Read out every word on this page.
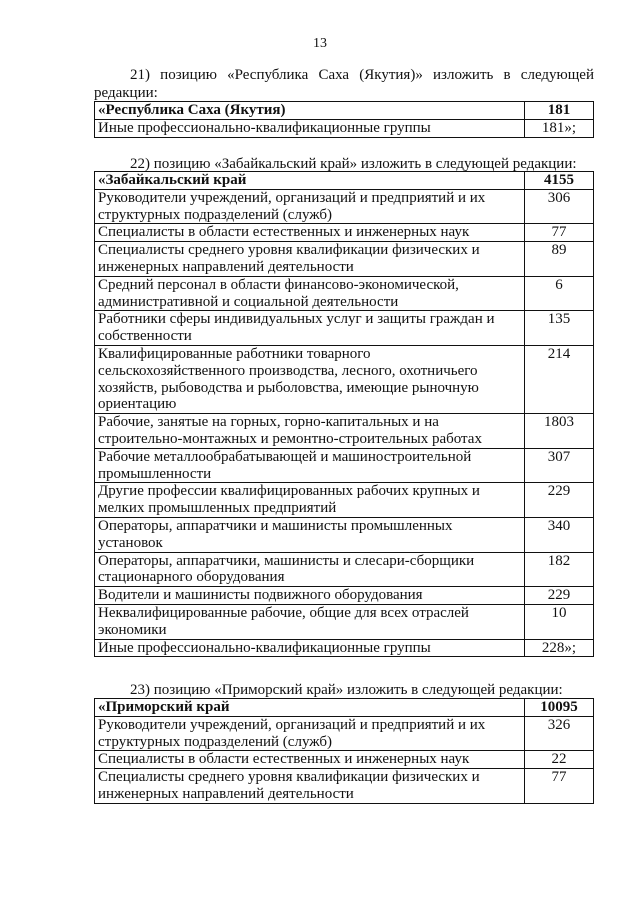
13
21) позицию «Республика Саха (Якутия)» изложить в следующей редакции:
«Республика Саха (Якутия)	181
Иные профессионально-квалификационные группы	181»;
22) позицию «Забайкальский край» изложить в следующей редакции:
«Забайкальский край	4155
Руководители учреждений, организаций и предприятий и их структурных подразделений (служб)	306
Специалисты в области естественных и инженерных наук	77
Специалисты среднего уровня квалификации физических и инженерных направлений деятельности	89
Средний персонал в области финансово-экономической, административной и социальной деятельности	6
Работники сферы индивидуальных услуг и защиты граждан и собственности	135
Квалифицированные работники товарного сельскохозяйственного производства, лесного, охотничьего хозяйств, рыбоводства и рыболовства, имеющие рыночную ориентацию	214
Рабочие, занятые на горных, горно-капитальных и на строительно-монтажных и ремонтно-строительных работах	1803
Рабочие металлообрабатывающей и машиностроительной промышленности	307
Другие профессии квалифицированных рабочих крупных и мелких промышленных предприятий	229
Операторы, аппаратчики и машинисты промышленных установок	340
Операторы, аппаратчики, машинисты и слесари-сборщики стационарного оборудования	182
Водители и машинисты подвижного оборудования	229
Неквалифицированные рабочие, общие для всех отраслей экономики	10
Иные профессионально-квалификационные группы	228»;
23) позицию «Приморский край» изложить в следующей редакции:
«Приморский край	10095
Руководители учреждений, организаций и предприятий и их структурных подразделений (служб)	326
Специалисты в области естественных и инженерных наук	22
Специалисты среднего уровня квалификации физических и инженерных направлений деятельности	77
